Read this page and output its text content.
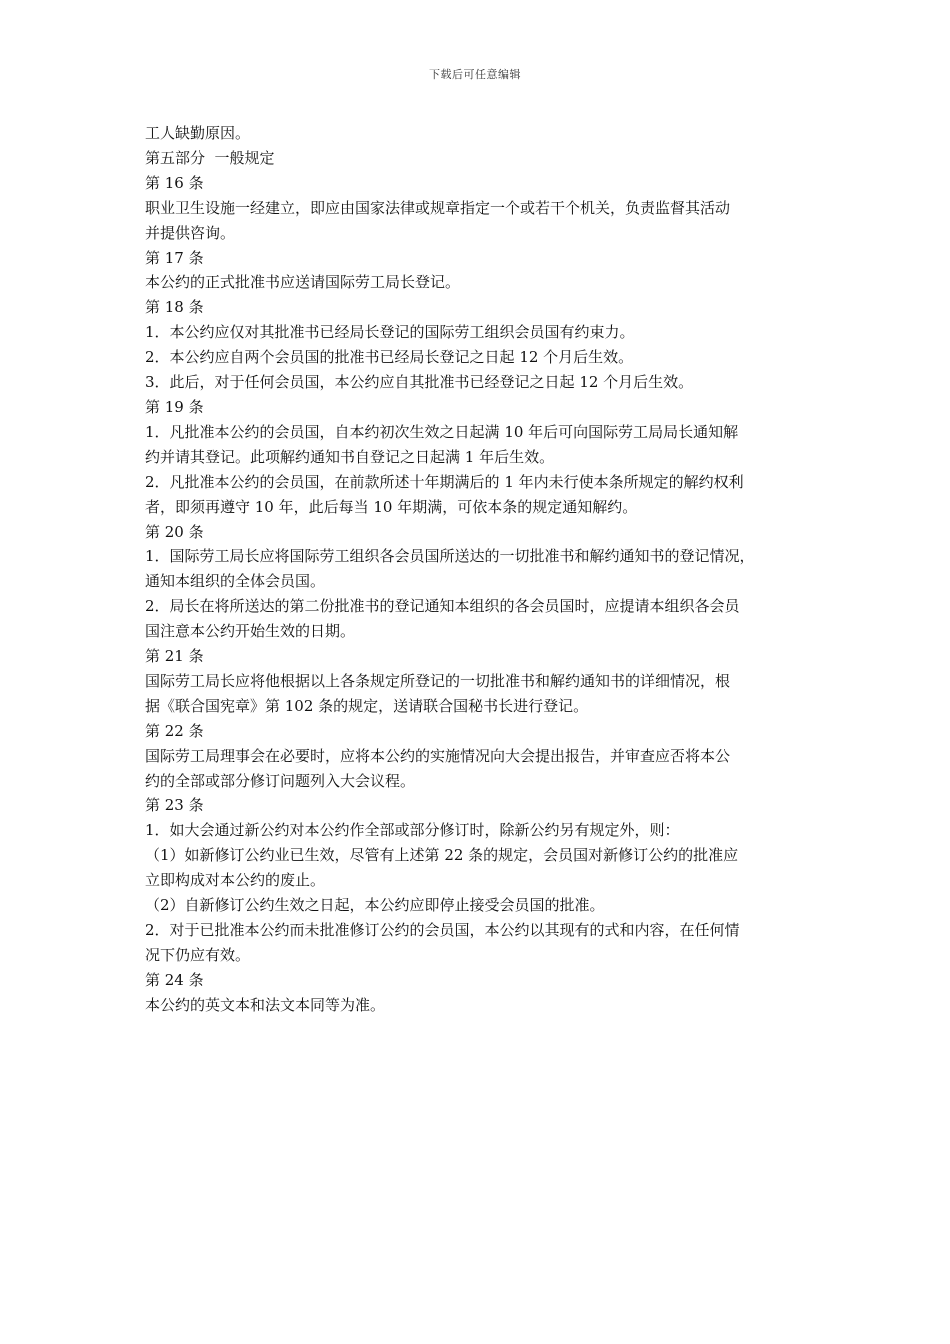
下载后可任意编辑

工人缺勤原因。

第五部分  一般规定

第 16 条

职业卫生设施一经建立，即应由国家法律或规章指定一个或若干个机关，负责监督其活动

并提供咨询。

第 17 条

本公约的正式批准书应送请国际劳工局长登记。

第 18 条

1．本公约应仅对其批准书已经局长登记的国际劳工组织会员国有约束力。

2．本公约应自两个会员国的批准书已经局长登记之日起 12 个月后生效。

3．此后，对于任何会员国，本公约应自其批准书已经登记之日起 12 个月后生效。

第 19 条

1．凡批准本公约的会员国，自本约初次生效之日起满 10 年后可向国际劳工局局长通知解

约并请其登记。此项解约通知书自登记之日起满 1 年后生效。

2．凡批准本公约的会员国，在前款所述十年期满后的 1 年内未行使本条所规定的解约权利

者，即须再遵守 10 年，此后每当 10 年期满，可依本条的规定通知解约。

第 20 条

1．国际劳工局长应将国际劳工组织各会员国所送达的一切批准书和解约通知书的登记情况，

通知本组织的全体会员国。

2．局长在将所送达的第二份批准书的登记通知本组织的各会员国时，应提请本组织各会员

国注意本公约开始生效的日期。

第 21 条

国际劳工局长应将他根据以上各条规定所登记的一切批准书和解约通知书的详细情况，根

据《联合国宪章》第 102 条的规定，送请联合国秘书长进行登记。

第 22 条

国际劳工局理事会在必要时，应将本公约的实施情况向大会提出报告，并审查应否将本公

约的全部或部分修订问题列入大会议程。

第 23 条

1．如大会通过新公约对本公约作全部或部分修订时，除新公约另有规定外，则：

（1）如新修订公约业已生效，尽管有上述第 22 条的规定，会员国对新修订公约的批准应

立即构成对本公约的废止。

（2）自新修订公约生效之日起，本公约应即停止接受会员国的批准。

2．对于已批准本公约而未批准修订公约的会员国，本公约以其现有的式和内容，在任何情

况下仍应有效。

第 24 条

本公约的英文本和法文本同等为准。
